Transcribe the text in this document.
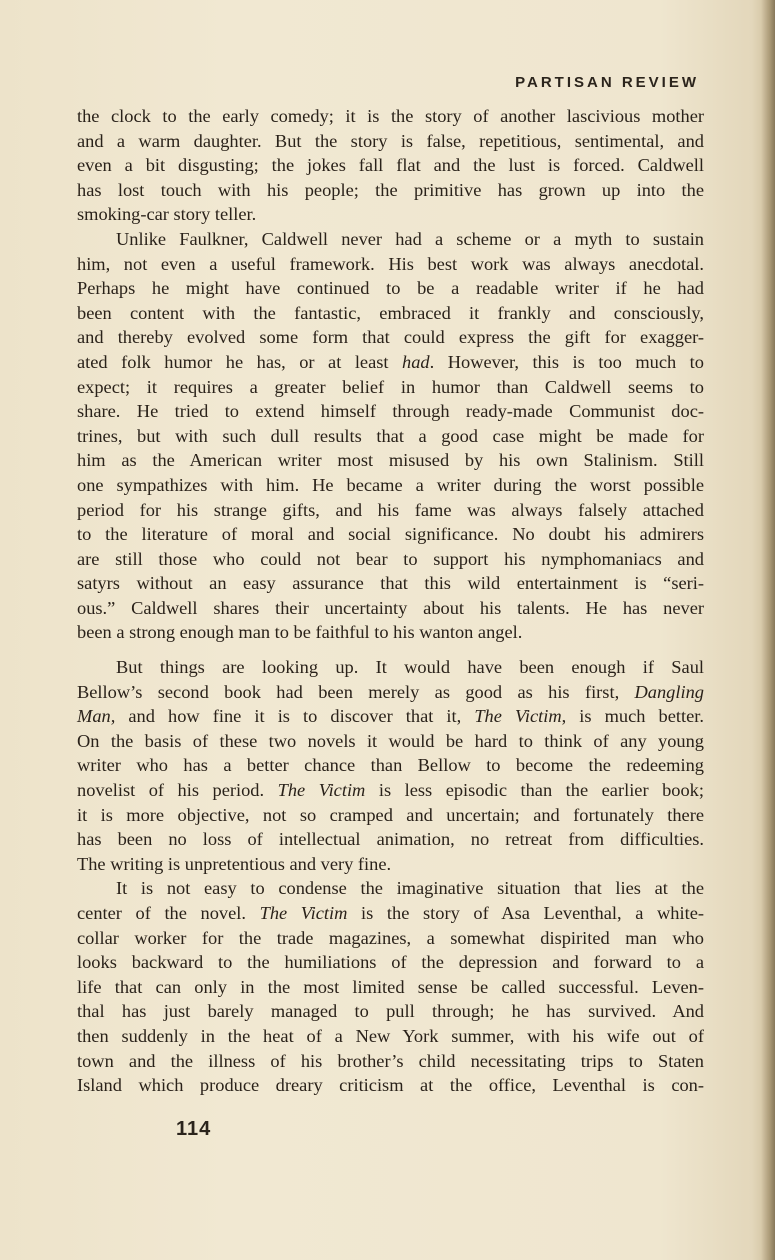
PARTISAN REVIEW

the clock to the early comedy; it is the story of another lascivious mother
and a warm daughter. But the story is false, repetitious, sentimental, and
even a bit disgusting; the jokes fall flat and the lust is forced. Caldwell
has lost touch with his people; the primitive has grown up into the
smoking-car story teller.

Unlike Faulkner, Caldwell never had a scheme or a myth to sustain
him, not even a useful framework. His best work was always anecdotal.
Perhaps he might have continued to be a readable writer if he had
been content with the fantastic, embraced it frankly and consciously,
and thereby evolved some form that could express the gift for exagger-
ated folk humor he has, or at least had. However, this is too much to
expect; it requires a greater belief in humor than Caldwell seems to
share. He tried to extend himself through ready-made Communist doc-
trines, but with such dull results that a good case might be made for
him as the American writer most misused by his own Stalinism. Still
one sympathizes with him. He became a writer during the worst possible
period for his strange gifts, and his fame was always falsely attached
to the literature of moral and social significance. No doubt his admirers
are still those who could not bear to support his nymphomaniacs and
satyrs without an easy assurance that this wild entertainment is “seri-
ous.” Caldwell shares their uncertainty about his talents. He has never
been a strong enough man to be faithful to his wanton angel.

But things are looking up. It would have been enough if Saul
Bellow’s second book had been merely as good as his first, Dangling
Man, and how fine it is to discover that it, The Victim, is much better.
On the basis of these two novels it would be hard to think of any young
writer who has a better chance than Bellow to become the redeeming
novelist of his period. The Victim is less episodic than the earlier book;
it is more objective, not so cramped and uncertain; and fortunately there
has been no loss of intellectual animation, no retreat from difficulties.
The writing is unpretentious and very fine.

It is not easy to condense the imaginative situation that lies at the
center of the novel. The Victim is the story of Asa Leventhal, a white-
collar worker for the trade magazines, a somewhat dispirited man who
looks backward to the humiliations of the depression and forward to a
life that can only in the most limited sense be called successful. Leven-
thal has just barely managed to pull through; he has survived. And
then suddenly in the heat of a New York summer, with his wife out of
town and the illness of his brother’s child necessitating trips to Staten
Island which produce dreary criticism at the office, Leventhal is con-

114
